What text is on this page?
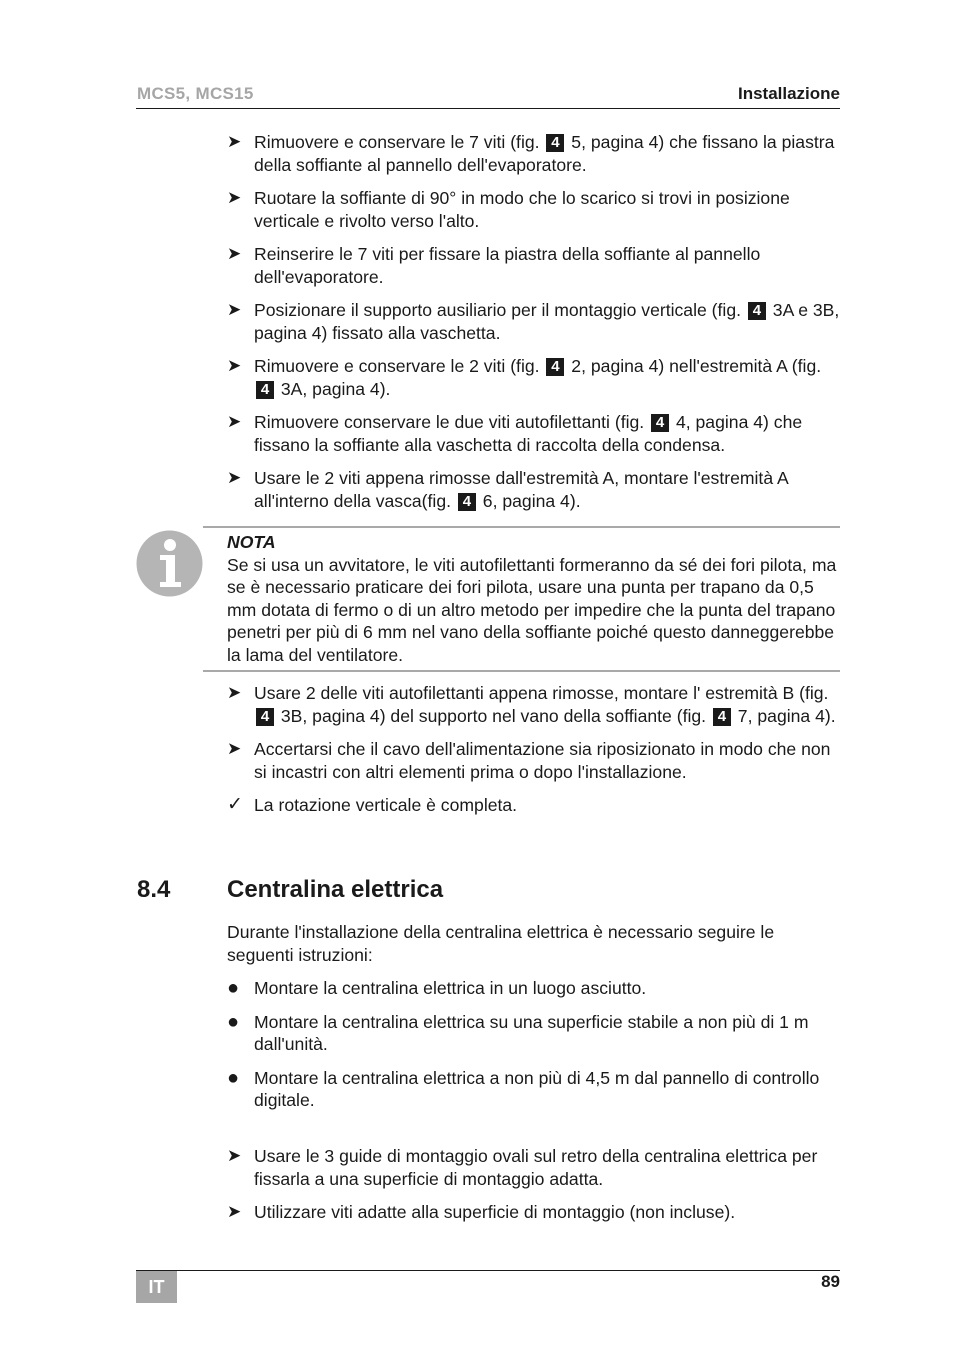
MCS5, MCS15	Installazione
➤ Rimuovere e conservare le 7 viti (fig. 4 5, pagina 4) che fissano la piastra della soffiante al pannello dell'evaporatore.
➤ Ruotare la soffiante di 90° in modo che lo scarico si trovi in posizione verticale e rivolto verso l'alto.
➤ Reinserire le 7 viti per fissare la piastra della soffiante al pannello dell'evaporatore.
➤ Posizionare il supporto ausiliario per il montaggio verticale (fig. 4 3A e 3B, pagina 4) fissato alla vaschetta.
➤ Rimuovere e conservare le 2 viti (fig. 4 2, pagina 4) nell'estremità A (fig. 4 3A, pagina 4).
➤ Rimuovere conservare le due viti autofilettanti (fig. 4 4, pagina 4) che fissano la soffiante alla vaschetta di raccolta della condensa.
➤ Usare le 2 viti appena rimosse dall'estremità A, montare l'estremità A all'interno della vasca(fig. 4 6, pagina 4).
NOTA
Se si usa un avvitatore, le viti autofilettanti formeranno da sé dei fori pilota, ma se è necessario praticare dei fori pilota, usare una punta per trapano da 0,5 mm dotata di fermo o di un altro metodo per impedire che la punta del trapano penetri per più di 6 mm nel vano della soffiante poiché questo danneggerebbe la lama del ventilatore.
➤ Usare 2 delle viti autofilettanti appena rimosse, montare l' estremità B (fig. 4 3B, pagina 4) del supporto nel vano della soffiante (fig. 4 7, pagina 4).
➤ Accertarsi che il cavo dell'alimentazione sia riposizionato in modo che non si incastri con altri elementi prima o dopo l'installazione.
✓ La rotazione verticale è completa.
8.4 Centralina elettrica

Durante l'installazione della centralina elettrica è necessario seguire le seguenti istruzioni:

● Montare la centralina elettrica in un luogo asciutto.
● Montare la centralina elettrica su una superficie stabile a non più di 1 m dall'unità.
● Montare la centralina elettrica a non più di 4,5 m dal pannello di controllo digitale.
➤ Usare le 3 guide di montaggio ovali sul retro della centralina elettrica per fissarla a una superficie di montaggio adatta.
➤ Utilizzare viti adatte alla superficie di montaggio (non incluse).
IT	89
